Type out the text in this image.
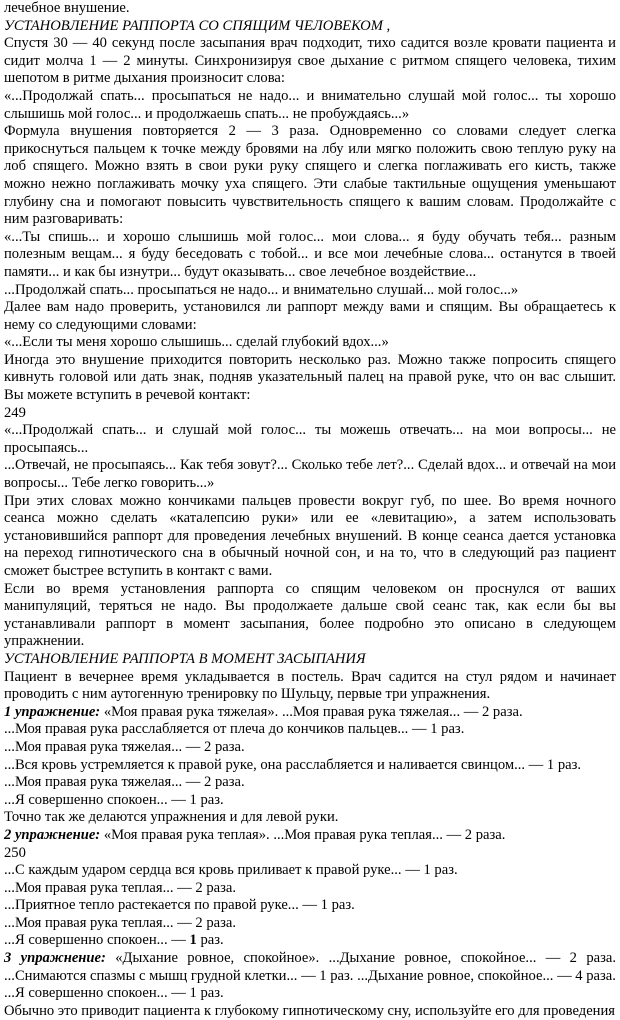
лечебное внушение.
УСТАНОВЛЕНИЕ РАППОРТА СО СПЯЩИМ ЧЕЛОВЕКОМ ,

Спустя 30 — 40 секунд после засыпания врач подходит, тихо садится возле кровати пациента и сидит молча 1 — 2 минуты. Синхронизируя свое дыхание с ритмом спящего человека, тихим шепотом в ритме дыхания произносит слова:

«...Продолжай спать... просыпаться не надо... и внимательно слушай мой голос... ты хорошо слышишь мой голос... и продолжаешь спать... не пробуждаясь...»

Формула внушения повторяется 2 — 3 раза. Одновременно со словами следует слегка прикоснуться пальцем к точке между бровями на лбу или мягко положить свою теплую руку на лоб спящего. Можно взять в свои руки руку спящего и слегка поглаживать его кисть, также можно нежно поглаживать мочку уха спящего. Эти слабые тактильные ощущения уменьшают глубину сна и помогают повысить чувствительность спящего к вашим словам. Продолжайте с ним разговаривать:

«...Ты спишь... и хорошо слышишь мой голос... мои слова... я буду обучать тебя... разным полезным вещам... я буду беседовать с тобой... и все мои лечебные слова... останутся в твоей памяти... и как бы изнутри... будут оказывать... свое лечебное воздействие...

...Продолжай спать... просыпаться не надо... и внимательно слушай... мой голос...»

Далее вам надо проверить, установился ли раппорт между вами и спящим. Вы обращаетесь к нему со следующими словами:

«...Если ты меня хорошо слышишь... сделай глубокий вдох...»

Иногда это внушение приходится повторить несколько раз. Можно также попросить спящего кивнуть головой или дать знак, подняв указательный палец на правой руке, что он вас слышит. Вы можете вступить в речевой контакт:

249

«...Продолжай спать... и слушай мой голос... ты можешь отвечать... на мои вопросы... не просыпаясь...

...Отвечай, не просыпаясь... Как тебя зовут?... Сколько тебе лет?... Сделай вдох... и отвечай на мои вопросы... Тебе легко говорить...»

При этих словах можно кончиками пальцев провести вокруг губ, по шее. Во время ночного сеанса можно сделать «каталепсию руки» или ее «левитацию», а затем использовать установившийся раппорт для проведения лечебных внушений. В конце сеанса дается установка на переход гипнотического сна в обычный ночной сон, и на то, что в следующий раз пациент сможет быстрее вступить в контакт с вами.

Если во время установления раппорта со спящим человеком он проснулся от ваших манипуляций, теряться не надо. Вы продолжаете дальше свой сеанс так, как если бы вы устанавливали раппорт в момент засыпания, более подробно это описано в следующем упражнении.

УСТАНОВЛЕНИЕ РАППОРТА В МОМЕНТ ЗАСЫПАНИЯ

Пациент в вечернее время укладывается в постель. Врач садится на стул рядом и начинает проводить с ним аутогенную тренировку по Шульцу, первые три упражнения.

1 упражнение: «Моя правая рука тяжелая». ...Моя правая рука тяжелая... — 2 раза.

...Моя правая рука расслабляется от плеча до кончиков пальцев... — 1 раз.

...Моя правая рука тяжелая... — 2 раза.

...Вся кровь устремляется к правой руке, она расслабляется и наливается свинцом... — 1 раз.

...Моя правая рука тяжелая... — 2 раза.

...Я совершенно спокоен... — 1 раз.

Точно так же делаются упражнения и для левой руки.

2 упражнение: «Моя правая рука теплая». ...Моя правая рука теплая... — 2 раза.

250

...С каждым ударом сердца вся кровь приливает к правой руке... — 1 раз.

...Моя правая рука теплая... — 2 раза.

...Приятное тепло растекается по правой руке... — 1 раз.

...Моя правая рука теплая... — 2 раза.

...Я совершенно спокоен... — 1 раз.

3 упражнение: «Дыхание ровное, спокойное». ...Дыхание ровное, спокойное... — 2 раза. ...Снимаются спазмы с мышц грудной клетки... — 1 раз. ...Дыхание ровное, спокойное... — 4 раза.

...Я совершенно спокоен... — 1 раз.

Обычно это приводит пациента к глубокому гипнотическому сну, используйте его для проведения
